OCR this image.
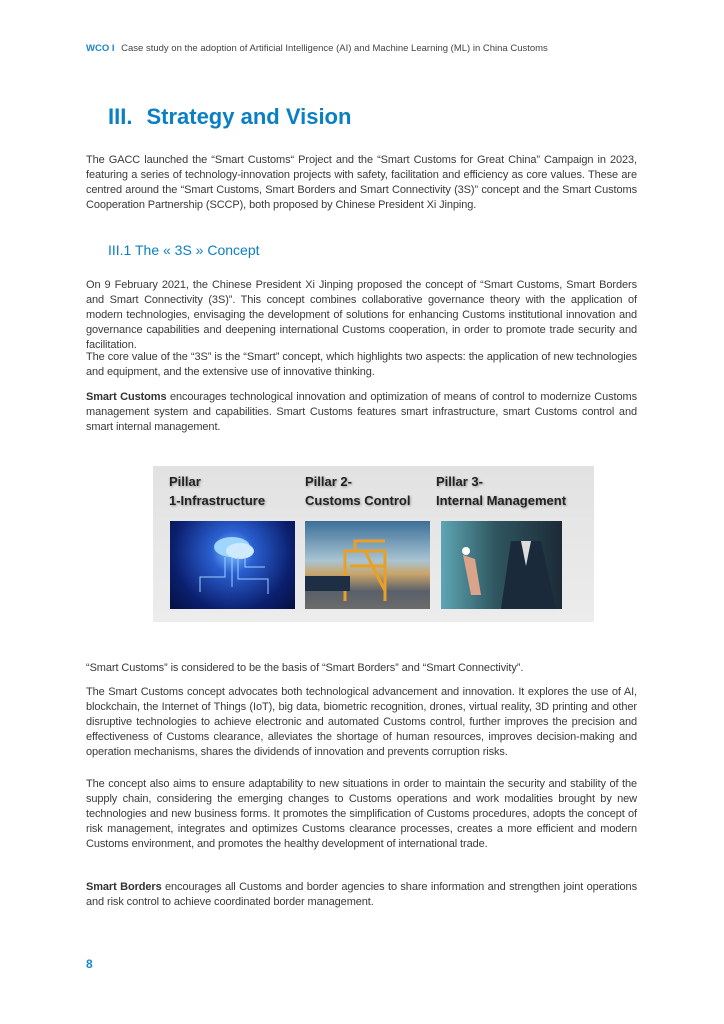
WCO I Case study on the adoption of Artificial Intelligence (AI) and Machine Learning (ML) in China Customs
III. Strategy and Vision

The GACC launched the “Smart Customs“ Project and the “Smart Customs for Great China” Campaign in 2023, featuring a series of technology-innovation projects with safety, facilitation and efficiency as core values. These are centred around the “Smart Customs, Smart Borders and Smart Connectivity (3S)” concept and the Smart Customs Cooperation Partnership (SCCP), both proposed by Chinese President Xi Jinping.

III.1 The « 3S » Concept

On 9 February 2021, the Chinese President Xi Jinping proposed the concept of “Smart Customs, Smart Borders and Smart Connectivity (3S)”. This concept combines collaborative governance theory with the application of modern technologies, envisaging the development of solutions for enhancing Customs institutional innovation and governance capabilities and deepening international Customs cooperation, in order to promote trade security and facilitation.

The core value of the “3S” is the “Smart” concept, which highlights two aspects: the application of new technologies and equipment, and the extensive use of innovative thinking.

Smart Customs encourages technological innovation and optimization of means of control to modernize Customs management system and capabilities. Smart Customs features smart infrastructure, smart Customs control and smart internal management.

Pillar
1-Infrastructure
Pillar 2-
Customs Control
Pillar 3-
Internal Management

“Smart Customs” is considered to be the basis of “Smart Borders” and “Smart Connectivity”.

The Smart Customs concept advocates both technological advancement and innovation. It explores the use of AI, blockchain, the Internet of Things (IoT), big data, biometric recognition, drones, virtual reality, 3D printing and other disruptive technologies to achieve electronic and automated Customs control, further improves the precision and effectiveness of Customs clearance, alleviates the shortage of human resources, improves decision-making and operation mechanisms, shares the dividends of innovation and prevents corruption risks.

The concept also aims to ensure adaptability to new situations in order to maintain the security and stability of the supply chain, considering the emerging changes to Customs operations and work modalities brought by new technologies and new business forms. It promotes the simplification of Customs procedures, adopts the concept of risk management, integrates and optimizes Customs clearance processes, creates a more efficient and modern Customs environment, and promotes the healthy development of international trade.

Smart Borders encourages all Customs and border agencies to share information and strengthen joint operations and risk control to achieve coordinated border management.

8
